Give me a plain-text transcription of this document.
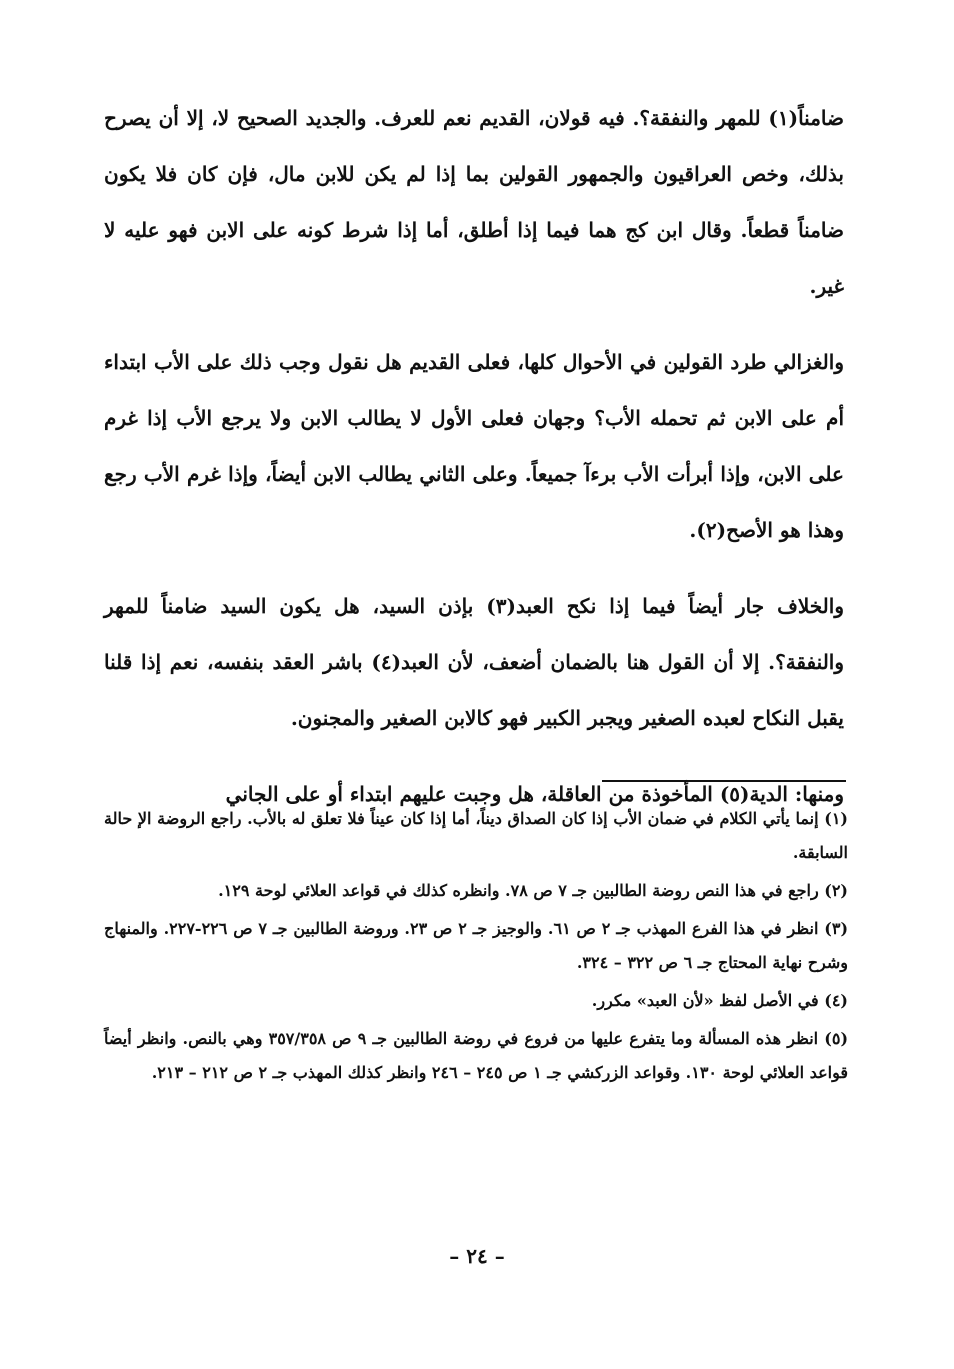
ضامناً(١) للمهر والنفقة؟. فيه قولان، القديم نعم للعرف. والجديد الصحيح لا، إلا أن يصرح بذلك، وخص العراقيون والجمهور القولين بما إذا لم يكن للابن مال، فإن كان فلا يكون ضامناً قطعاً. وقال ابن كج هما فيما إذا أطلق، أما إذا شرط كونه على الابن فهو عليه لا غير.

والغزالي طرد القولين في الأحوال كلها، فعلى القديم هل نقول وجب ذلك على الأب ابتداء أم على الابن ثم تحمله الأب؟ وجهان فعلى الأول لا يطالب الابن ولا يرجع الأب إذا غرم على الابن، وإذا أبرأت الأب برءآ جميعاً. وعلى الثاني يطالب الابن أيضاً، وإذا غرم الأب رجع وهذا هو الأصح(٢).

والخلاف جار أيضاً فيما إذا نكح العبد(٣) بإذن السيد، هل يكون السيد ضامناً للمهر والنفقة؟. إلا أن القول هنا بالضمان أضعف، لأن العبد(٤) باشر العقد بنفسه، نعم إذا قلنا يقبل النكاح لعبده الصغير ويجبر الكبير فهو كالابن الصغير والمجنون.

ومنها: الدية(٥) المأخوذة من العاقلة، هل وجبت عليهم ابتداء أو على الجاني

(١) إنما يأتي الكلام في ضمان الأب إذا كان الصداق ديناً، أما إذا كان عيناً فلا تعلق له بالأب. راجع الروضة الإ حالة السابقة.

(٢) راجع في هذا النص روضة الطالبين جـ ٧ ص ٧٨. وانظره كذلك في قواعد العلائي لوحة ١٢٩.

(٣) انظر في هذا الفرع المهذب جـ ٢ ص ٦١. والوجيز جـ ٢ ص ٢٣. وروضة الطالبين جـ ٧ ص ٢٢٦-٢٢٧. والمنهاج وشرح نهاية المحتاج جـ ٦ ص ٣٢٢ – ٣٢٤.

(٤) في الأصل لفظ «لأن العبد» مكرر.

(٥) انظر هذه المسألة وما يتفرع عليها من فروع في روضة الطالبين جـ ٩ ص ٣٥٧/٣٥٨ وهي بالنص. وانظر أيضاً قواعد العلائي لوحة ١٣٠. وقواعد الزركشي جـ ١ ص ٢٤٥ – ٢٤٦ وانظر كذلك المهذب جـ ٢ ص ٢١٢ – ٢١٣.

– ٢٤ –
